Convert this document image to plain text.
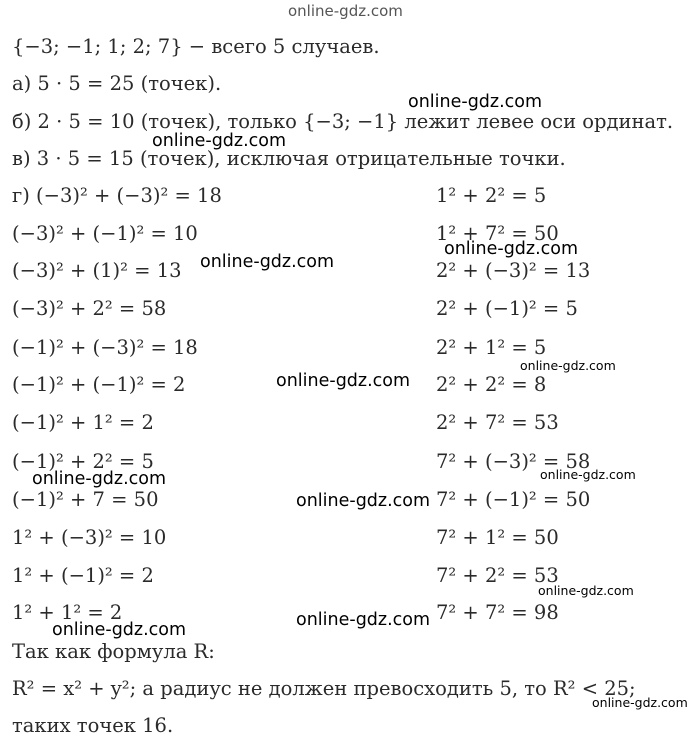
online-gdz.com
{−3; −1; 1; 2; 7} − всего 5 случаев.
а) 5 · 5 = 25 (точек).
б) 2 · 5 = 10 (точек), только {−3; −1} лежит левее оси ординат.
в) 3 · 5 = 15 (точек), исключая отрицательные точки.
г) (−3)² + (−3)² = 18
(−3)² + (−1)² = 10
(−3)² + (1)² = 13
(−3)² + 2² = 58
(−1)² + (−3)² = 18
(−1)² + (−1)² = 2
(−1)² + 1² = 2
(−1)² + 2² = 5
(−1)² + 7 = 50
1² + (−3)² = 10
1² + (−1)² = 2
1² + 1² = 2
1² + 2² = 5
1² + 7² = 50
2² + (−3)² = 13
2² + (−1)² = 5
2² + 1² = 5
2² + 2² = 8
2² + 7² = 53
7² + (−3)² = 58
7² + (−1)² = 50
7² + 1² = 50
7² + 2² = 53
7² + 7² = 98
Так как формула R:
R² = x² + y²; а радиус не должен превосходить 5, то R² < 25;
таких точек 16.
online-gdz.com
online-gdz.com
online-gdz.com
online-gdz.com
online-gdz.com
online-gdz.com
online-gdz.com
online-gdz.com
online-gdz.com
online-gdz.com
online-gdz.com
online-gdz.com
online-gdz.com
